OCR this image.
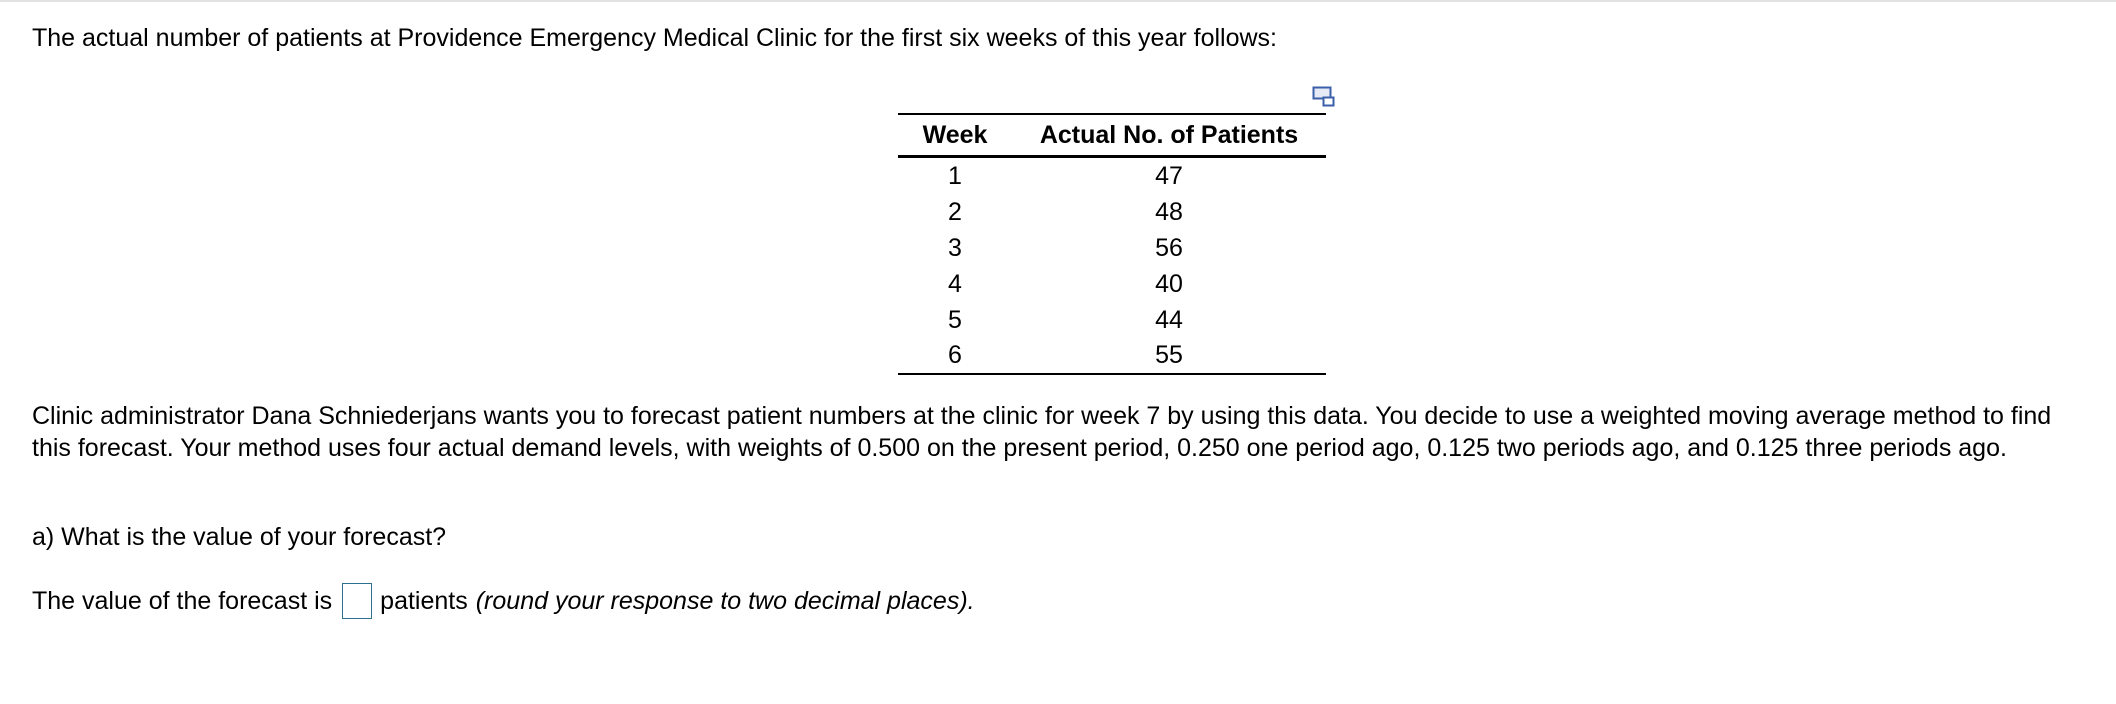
The actual number of patients at Providence Emergency Medical Clinic for the first six weeks of this year follows:
Week	Actual No. of Patients
1	47
2	48
3	56
4	40
5	44
6	55
Clinic administrator Dana Schniederjans wants you to forecast patient numbers at the clinic for week 7 by using this data. You decide to use a weighted moving average method to find this forecast. Your method uses four actual demand levels, with weights of 0.500 on the present period, 0.250 one period ago, 0.125 two periods ago, and 0.125 three periods ago.
a) What is the value of your forecast?
The value of the forecast is patients (round your response to two decimal places).
